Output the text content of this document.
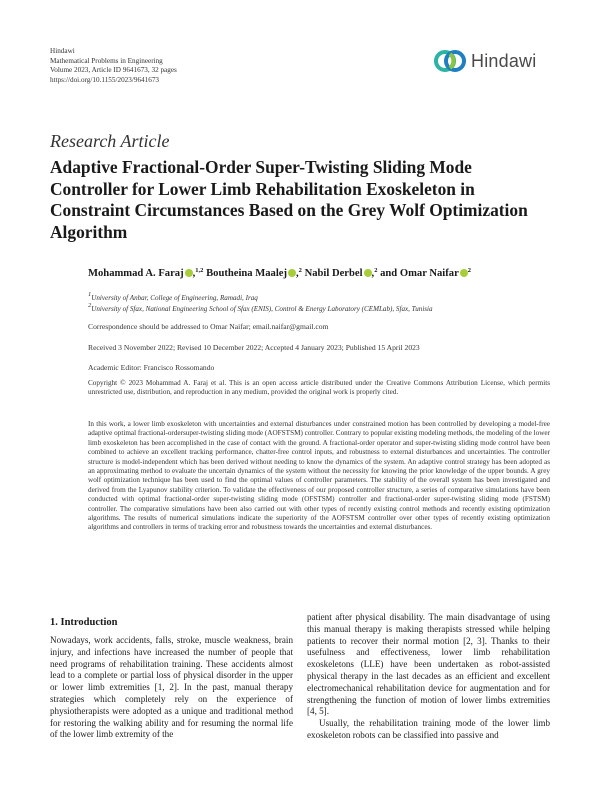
Hindawi
Mathematical Problems in Engineering
Volume 2023, Article ID 9641673, 32 pages
https://doi.org/10.1155/2023/9641673
Hindawi
Research Article
Adaptive Fractional-Order Super-Twisting Sliding Mode Controller for Lower Limb Rehabilitation Exoskeleton in Constraint Circumstances Based on the Grey Wolf Optimization Algorithm
Mohammad A. Faraj ,$^{1,2}$ Boutheina Maalej ,$^2$ Nabil Derbel ,$^2$ and Omar Naifar $^2$
$^1$University of Anbar, College of Engineering, Ramadi, Iraq
$^2$University of Sfax, National Engineering School of Sfax (ENIS), Control & Energy Laboratory (CEMLab), Sfax, Tunisia
Correspondence should be addressed to Omar Naifar; email.naifar@gmail.com
Received 3 November 2022; Revised 10 December 2022; Accepted 4 January 2023; Published 15 April 2023
Academic Editor: Francisco Rossomando
Copyright © 2023 Mohammad A. Faraj et al. This is an open access article distributed under the Creative Commons Attribution License, which permits unrestricted use, distribution, and reproduction in any medium, provided the original work is properly cited.
In this work, a lower limb exoskeleton with uncertainties and external disturbances under constrained motion has been controlled by developing a model-free adaptive optimal fractional-ordersuper-twisting sliding mode (AOFSTSM) controller. Contrary to popular existing modeling methods, the modeling of the lower limb exoskeleton has been accomplished in the case of contact with the ground. A fractional-order operator and super-twisting sliding mode control have been combined to achieve an excellent tracking performance, chatter-free control inputs, and robustness to external disturbances and uncertainties. The controller structure is model-independent which has been derived without needing to know the dynamics of the system. An adaptive control strategy has been adopted as an approximating method to evaluate the uncertain dynamics of the system without the necessity for knowing the prior knowledge of the upper bounds. A grey wolf optimization technique has been used to find the optimal values of controller parameters. The stability of the overall system has been investigated and derived from the Lyapunov stability criterion. To validate the effectiveness of our proposed controller structure, a series of comparative simulations have been conducted with optimal fractional-order super-twisting sliding mode (OFSTSM) controller and fractional-order super-twisting sliding mode (FSTSM) controller. The comparative simulations have been also carried out with other types of recently existing control methods and recently existing optimization algorithms. The results of numerical simulations indicate the superiority of the AOFSTSM controller over other types of recently existing optimization algorithms and controllers in terms of tracking error and robustness towards the uncertainties and external disturbances.
1. Introduction

Nowadays, work accidents, falls, stroke, muscle weakness, brain injury, and infections have increased the number of people that need programs of rehabilitation training. These accidents almost lead to a complete or partial loss of physical disorder in the upper or lower limb extremities [1, 2]. In the past, manual therapy strategies which completely rely on the experience of physiotherapists were adopted as a unique and traditional method for restoring the walking ability and for resuming the normal life of the lower limb extremity of the

patient after physical disability. The main disadvantage of using this manual therapy is making therapists stressed while helping patients to recover their normal motion [2, 3]. Thanks to their usefulness and effectiveness, lower limb rehabilitation exoskeletons (LLE) have been undertaken as robot-assisted physical therapy in the last decades as an efficient and excellent electromechanical rehabilitation device for augmentation and for strengthening the function of motion of lower limbs extremities [4, 5].

Usually, the rehabilitation training mode of the lower limb exoskeleton robots can be classified into passive and
